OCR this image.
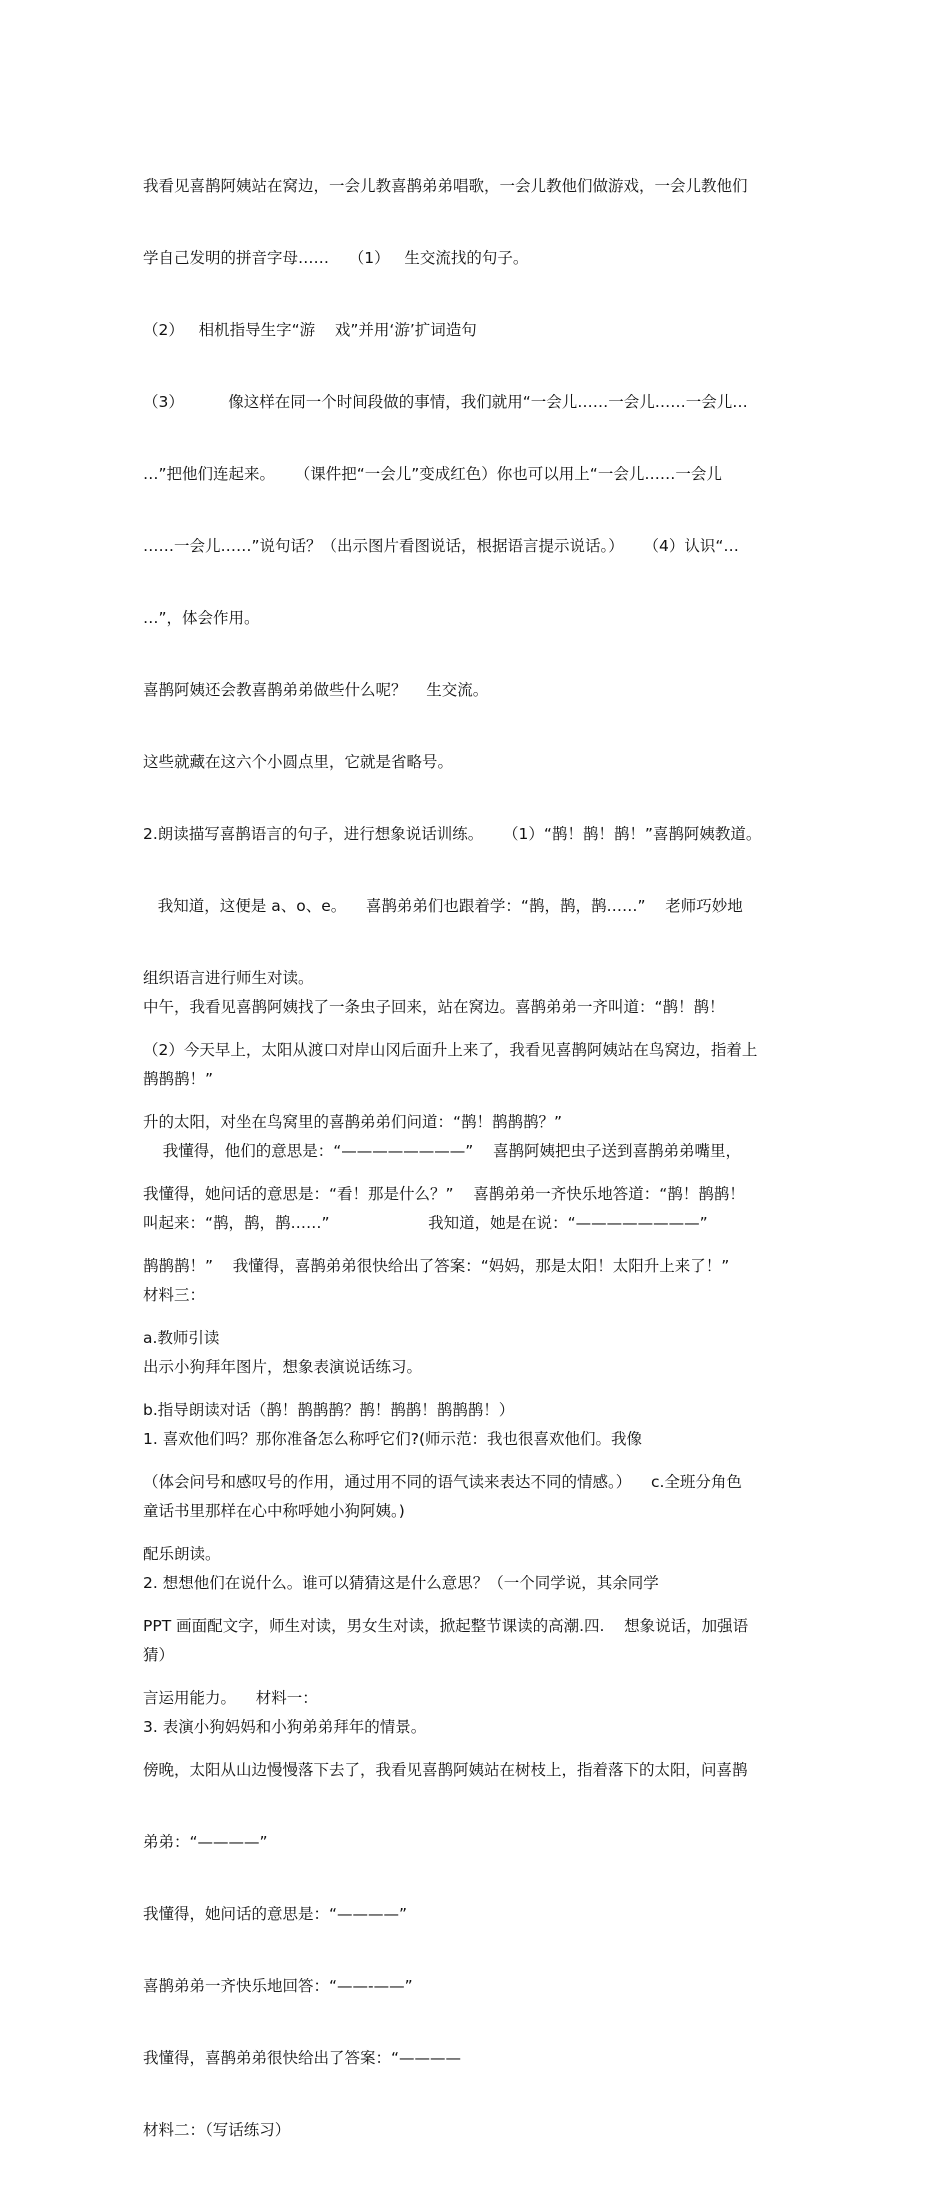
我看见喜鹊阿姨站在窝边，一会儿教喜鹊弟弟唱歌，一会儿教他们做游戏，一会儿教他们

学自己发明的拼音字母……    （1）   生交流找的句子。

（2）   相机指导生字“游    戏”并用‘游’扩词造句

（3）         像这样在同一个时间段做的事情，我们就用“一会儿……一会儿……一会儿…

…”把他们连起来。    （课件把“一会儿”变成红色）你也可以用上“一会儿……一会儿

……一会儿……”说句话？（出示图片看图说话，根据语言提示说话。）    （4）认识“…

…”，体会作用。

喜鹊阿姨还会教喜鹊弟弟做些什么呢？    生交流。

这些就藏在这六个小圆点里，它就是省略号。

2.朗读描写喜鹊语言的句子，进行想象说话训练。    （1）“鹊！鹊！鹊！”喜鹊阿姨教道。

我知道，这便是 a、o、e。    喜鹊弟弟们也跟着学：“鹊，鹊，鹊……”    老师巧妙地

组织语言进行师生对读。

（2）今天早上，太阳从渡口对岸山冈后面升上来了，我看见喜鹊阿姨站在鸟窝边，指着上

升的太阳，对坐在鸟窝里的喜鹊弟弟们问道：“鹊！鹊鹊鹊？”

我懂得，她问话的意思是：“看！那是什么？”    喜鹊弟弟一齐快乐地答道：“鹊！鹊鹊！

鹊鹊鹊！”    我懂得，喜鹊弟弟很快给出了答案：“妈妈，那是太阳！太阳升上来了！”

a.教师引读

b.指导朗读对话（鹊！鹊鹊鹊？鹊！鹊鹊！鹊鹊鹊！）

（体会问号和感叹号的作用，通过用不同的语气读来表达不同的情感。）    c.全班分角色

配乐朗读。

PPT 画面配文字，师生对读，男女生对读，掀起整节课读的高潮.四.    想象说话，加强语

言运用能力。    材料一：

傍晚，太阳从山边慢慢落下去了，我看见喜鹊阿姨站在树枝上，指着落下的太阳，问喜鹊

弟弟：“————”

我懂得，她问话的意思是：“————”

喜鹊弟弟一齐快乐地回答：“——-——”

我懂得，喜鹊弟弟很快给出了答案：“————

材料二：（写话练习）

中午，我看见喜鹊阿姨找了一条虫子回来，站在窝边。喜鹊弟弟一齐叫道：“鹊！鹊！

鹊鹊鹊！”

我懂得，他们的意思是：“————————”    喜鹊阿姨把虫子送到喜鹊弟弟嘴里，

叫起来：“鹊，鹊，鹊……”                    我知道，她是在说：“————————”

材料三：

出示小狗拜年图片，想象表演说话练习。

1. 喜欢他们吗？那你准备怎么称呼它们?(师示范：我也很喜欢他们。我像

童话书里那样在心中称呼她小狗阿姨。)

2. 想想他们在说什么。谁可以猜猜这是什么意思？（一个同学说，其余同学

猜）

3. 表演小狗妈妈和小狗弟弟拜年的情景。
